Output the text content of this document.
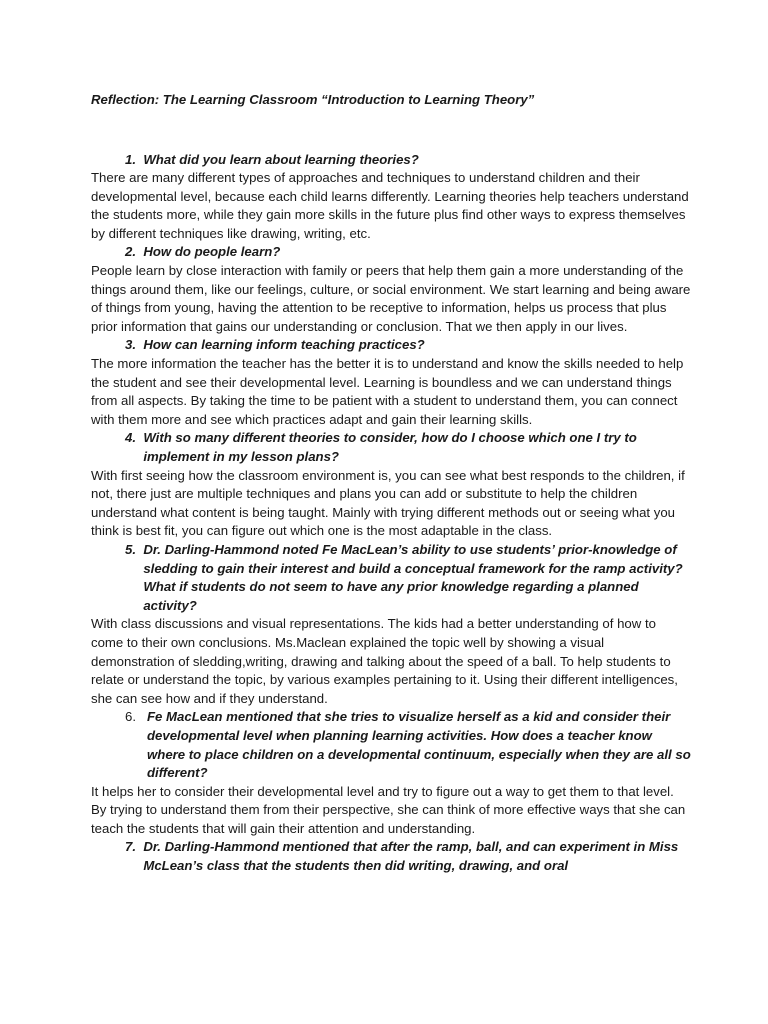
Reflection: The Learning Classroom “Introduction to Learning Theory”
1.
What did you learn about learning theories?

There are many different types of approaches and techniques to understand children and their developmental level, because each child learns differently. Learning theories help teachers understand the students more, while they gain more skills in the future plus find other ways to express themselves by different techniques like drawing, writing, etc.

2.
How do people learn?

People learn by close interaction with family or peers that help them gain a more understanding of the things around them, like our feelings, culture, or social environment. We start learning and being aware of things from young, having the attention to be receptive to information, helps us process that plus prior information that gains our understanding or conclusion. That we then apply in our lives.

3.
How can learning inform teaching practices?

The more information the teacher has the better it is to understand and know the skills needed to help the student and see their developmental level. Learning is boundless and we can understand things from all aspects. By taking the time to be patient with a student to understand them, you can connect with them more and see which practices adapt and gain their learning skills.

4.
With so many different theories to consider, how do I choose which one I try to implement in my lesson plans?

With first seeing how the classroom environment is, you can see what best responds to the children, if not, there just are multiple techniques and plans you can add or substitute to help the children understand what content is being taught. Mainly with trying different methods out or seeing what you think is best fit, you can figure out which one is the most adaptable in the class.

5.
Dr. Darling-Hammond noted Fe MacLean’s ability to use students’ prior-knowledge of sledding to gain their interest and build a conceptual framework for the ramp activity? What if students do not seem to have any prior knowledge regarding a planned activity?

With class discussions and visual representations. The kids had a better understanding of how to come to their own conclusions. Ms.Maclean explained the topic well by showing a visual demonstration of sledding,writing, drawing and talking about the speed of a ball. To help students to relate or understand the topic, by various examples pertaining to it. Using their different intelligences, she can see how and if they understand.

6.
Fe MacLean mentioned that she tries to visualize herself as a kid and consider their developmental level when planning learning activities. How does a teacher know where to place children on a developmental continuum, especially when they are all so different?

It helps her to consider their developmental level and try to figure out a way to get them to that level. By trying to understand them from their perspective, she can think of more effective ways that she can teach the students that will gain their attention and understanding.

7.
Dr. Darling-Hammond mentioned that after the ramp, ball, and can experiment in Miss McLean’s class that the students then did writing, drawing, and oral
